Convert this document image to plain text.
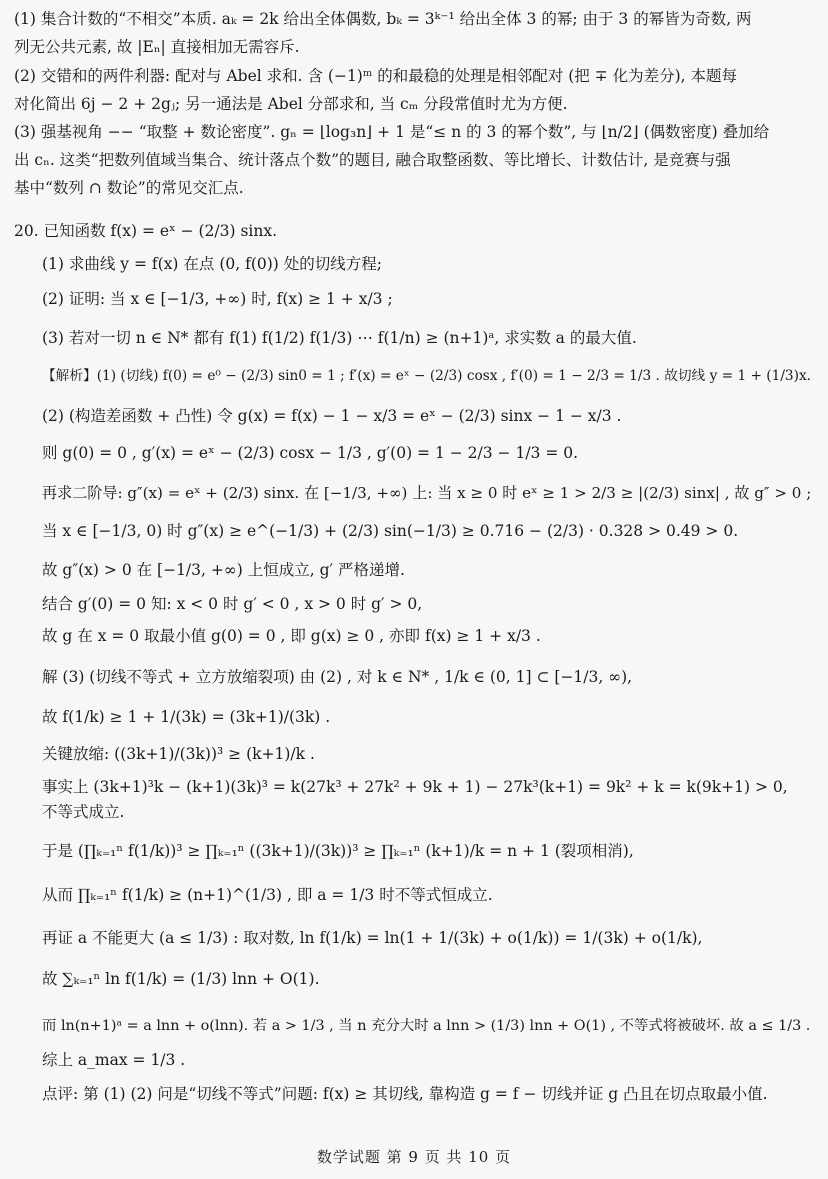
(1) 集合计数的“不相交”本质. aₖ = 2k 给出全体偶数, bₖ = 3ᵏ⁻¹ 给出全体 3 的幂; 由于 3 的幂皆为奇数, 两
列无公共元素, 故 |Eₙ| 直接相加无需容斥.
(2) 交错和的两件利器: 配对与 Abel 求和. 含 (−1)ᵐ 的和最稳的处理是相邻配对 (把 ∓ 化为差分), 本题每
对化简出 6j − 2 + 2gⱼ; 另一通法是 Abel 分部求和, 当 cₘ 分段常值时尤为方便.
(3) 强基视角 −− “取整 + 数论密度”. gₙ = ⌊log₃n⌋ + 1 是“≤ n 的 3 的幂个数”, 与 ⌊n/2⌋ (偶数密度) 叠加给
出 cₙ. 这类“把数列值域当集合、统计落点个数”的题目, 融合取整函数、等比增长、计数估计, 是竞赛与强
基中“数列 ∩ 数论”的常见交汇点.
20. 已知函数 f(x) = eˣ − (2/3) sinx.
(1) 求曲线 y = f(x) 在点 (0, f(0)) 处的切线方程;
(2) 证明: 当 x ∈ [−1/3, +∞) 时, f(x) ≥ 1 + x/3 ;
(3) 若对一切 n ∈ N* 都有 f(1) f(1/2) f(1/3) ⋯ f(1/n) ≥ (n+1)ᵃ, 求实数 a 的最大值.
【解析】(1) (切线) f(0) = e⁰ − (2/3) sin0 = 1 ; f′(x) = eˣ − (2/3) cosx , f′(0) = 1 − 2/3 = 1/3 . 故切线 y = 1 + (1/3)x.
(2) (构造差函数 + 凸性) 令 g(x) = f(x) − 1 − x/3 = eˣ − (2/3) sinx − 1 − x/3 .
则 g(0) = 0 , g′(x) = eˣ − (2/3) cosx − 1/3 , g′(0) = 1 − 2/3 − 1/3 = 0.
再求二阶导: g″(x) = eˣ + (2/3) sinx. 在 [−1/3, +∞) 上: 当 x ≥ 0 时 eˣ ≥ 1 > 2/3 ≥ |(2/3) sinx| , 故 g″ > 0 ;
当 x ∈ [−1/3, 0) 时 g″(x) ≥ e^(−1/3) + (2/3) sin(−1/3) ≥ 0.716 − (2/3) · 0.328 > 0.49 > 0.
故 g″(x) > 0 在 [−1/3, +∞) 上恒成立, g′ 严格递增.
结合 g′(0) = 0 知: x < 0 时 g′ < 0 , x > 0 时 g′ > 0,
故 g 在 x = 0 取最小值 g(0) = 0 , 即 g(x) ≥ 0 , 亦即 f(x) ≥ 1 + x/3 .
解 (3) (切线不等式 + 立方放缩裂项) 由 (2) , 对 k ∈ N* , 1/k ∈ (0, 1] ⊂ [−1/3, ∞),
故 f(1/k) ≥ 1 + 1/(3k) = (3k+1)/(3k) .
关键放缩: ((3k+1)/(3k))³ ≥ (k+1)/k .
事实上 (3k+1)³k − (k+1)(3k)³ = k(27k³ + 27k² + 9k + 1) − 27k³(k+1) = 9k² + k = k(9k+1) > 0,
不等式成立.
于是 (∏ₖ₌₁ⁿ f(1/k))³ ≥ ∏ₖ₌₁ⁿ ((3k+1)/(3k))³ ≥ ∏ₖ₌₁ⁿ (k+1)/k = n + 1 (裂项相消),
从而 ∏ₖ₌₁ⁿ f(1/k) ≥ (n+1)^(1/3) , 即 a = 1/3 时不等式恒成立.
再证 a 不能更大 (a ≤ 1/3) : 取对数, ln f(1/k) = ln(1 + 1/(3k) + o(1/k)) = 1/(3k) + o(1/k),
故 ∑ₖ₌₁ⁿ ln f(1/k) = (1/3) lnn + O(1).
而 ln(n+1)ᵃ = a lnn + o(lnn). 若 a > 1/3 , 当 n 充分大时 a lnn > (1/3) lnn + O(1) , 不等式将被破坏. 故 a ≤ 1/3 .
综上 a_max = 1/3 .
点评: 第 (1) (2) 问是“切线不等式”问题: f(x) ≥ 其切线, 靠构造 g = f − 切线并证 g 凸且在切点取最小值.
数学试题 第 9 页 共 10 页
